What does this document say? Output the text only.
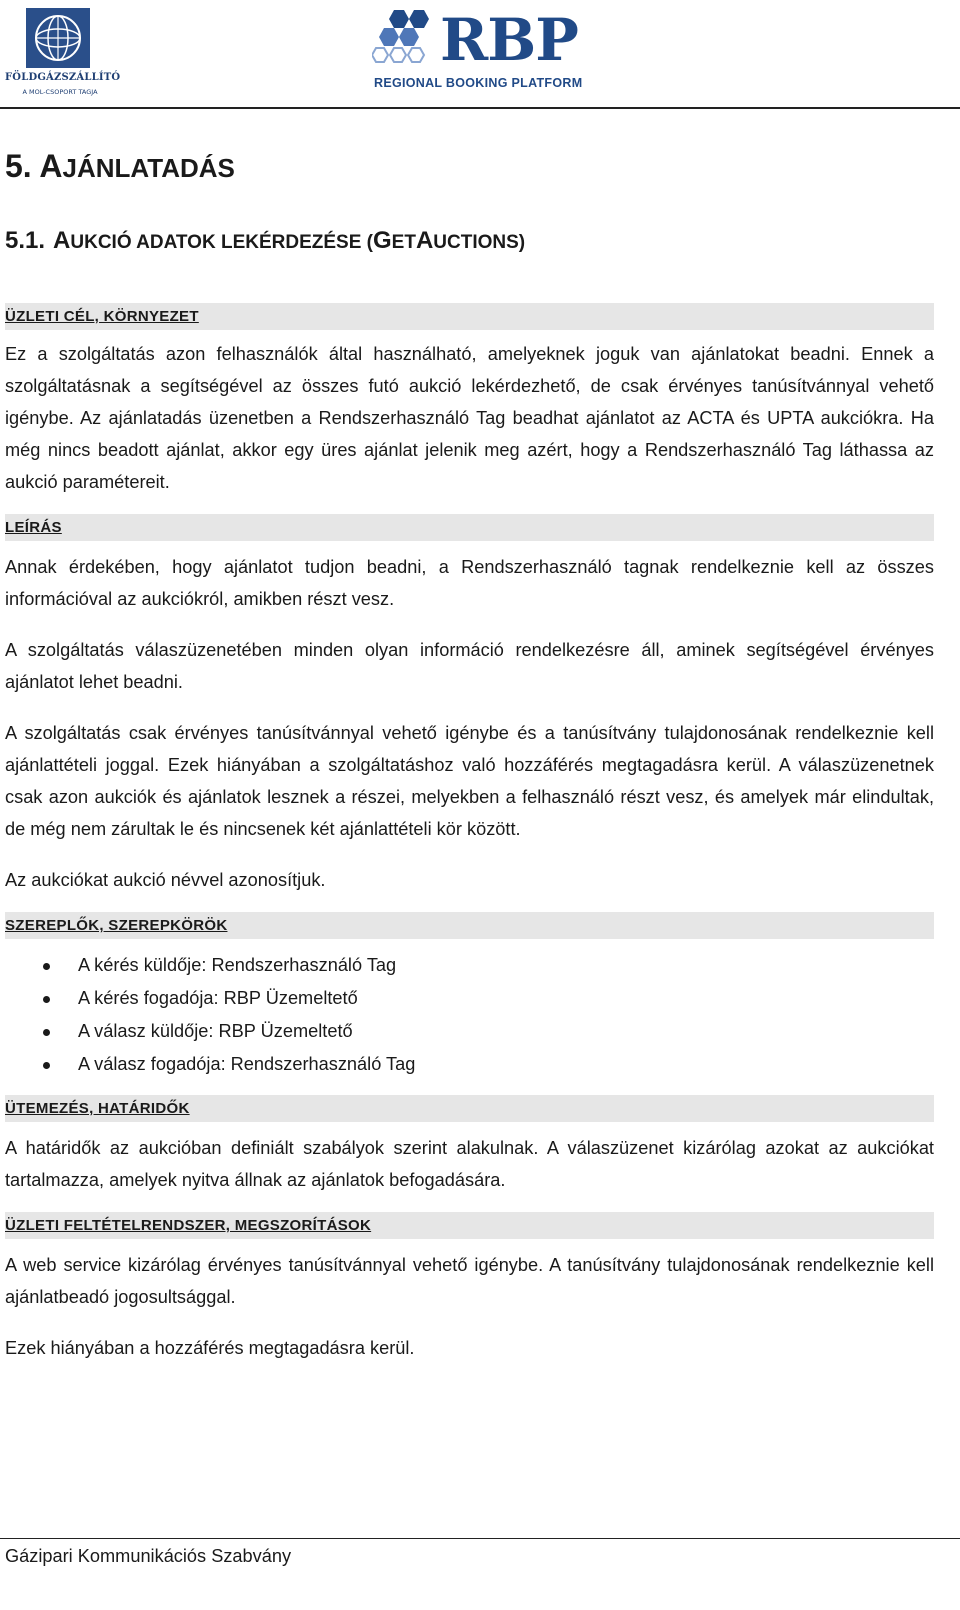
FÖLDGÁZSZÁLLÍTÓ
A MOL-CSOPORT TAGJA
RBP
REGIONAL BOOKING PLATFORM
5. AJÁNLATADÁS
5.1. AUKCIÓ ADATOK LEKÉRDEZÉSE (GETAUCTIONS)
ÜZLETI CÉL, KÖRNYEZET

Ez a szolgáltatás azon felhasználók által használható, amelyeknek joguk van ajánlatokat beadni. Ennek a szolgáltatásnak a segítségével az összes futó aukció lekérdezhető, de csak érvényes tanúsítvánnyal vehető igénybe. Az ajánlatadás üzenetben a Rendszerhasználó Tag beadhat ajánlatot az ACTA és UPTA aukciókra. Ha még nincs beadott ajánlat, akkor egy üres ajánlat jelenik meg azért, hogy a Rendszerhasználó Tag láthassa az aukció paramétereit.

LEÍRÁS

Annak érdekében, hogy ajánlatot tudjon beadni, a Rendszerhasználó tagnak rendelkeznie kell az összes információval az aukciókról, amikben részt vesz.

A szolgáltatás válaszüzenetében minden olyan információ rendelkezésre áll, aminek segítségével érvényes ajánlatot lehet beadni.

A szolgáltatás csak érvényes tanúsítvánnyal vehető igénybe és a tanúsítvány tulajdonosának rendelkeznie kell ajánlattételi joggal. Ezek hiányában a szolgáltatáshoz való hozzáférés megtagadásra kerül. A válaszüzenetnek csak azon aukciók és ajánlatok lesznek a részei, melyekben a felhasználó részt vesz, és amelyek már elindultak, de még nem zárultak le és nincsenek két ajánlattételi kör között.

Az aukciókat aukció névvel azonosítjuk.

SZEREPLŐK, SZEREPKÖRÖK
A kérés küldője: Rendszerhasználó Tag
A kérés fogadója: RBP Üzemeltető
A válasz küldője: RBP Üzemeltető
A válasz fogadója: Rendszerhasználó Tag
ÜTEMEZÉS, HATÁRIDŐK

A határidők az aukcióban definiált szabályok szerint alakulnak. A válaszüzenet kizárólag azokat az aukciókat tartalmazza, amelyek nyitva állnak az ajánlatok befogadására.

ÜZLETI FELTÉTELRENDSZER, MEGSZORÍTÁSOK

A web service kizárólag érvényes tanúsítvánnyal vehető igénybe. A tanúsítvány tulajdonosának rendelkeznie kell ajánlatbeadó jogosultsággal.

Ezek hiányában a hozzáférés megtagadásra kerül.

Gázipari Kommunikációs Szabvány
